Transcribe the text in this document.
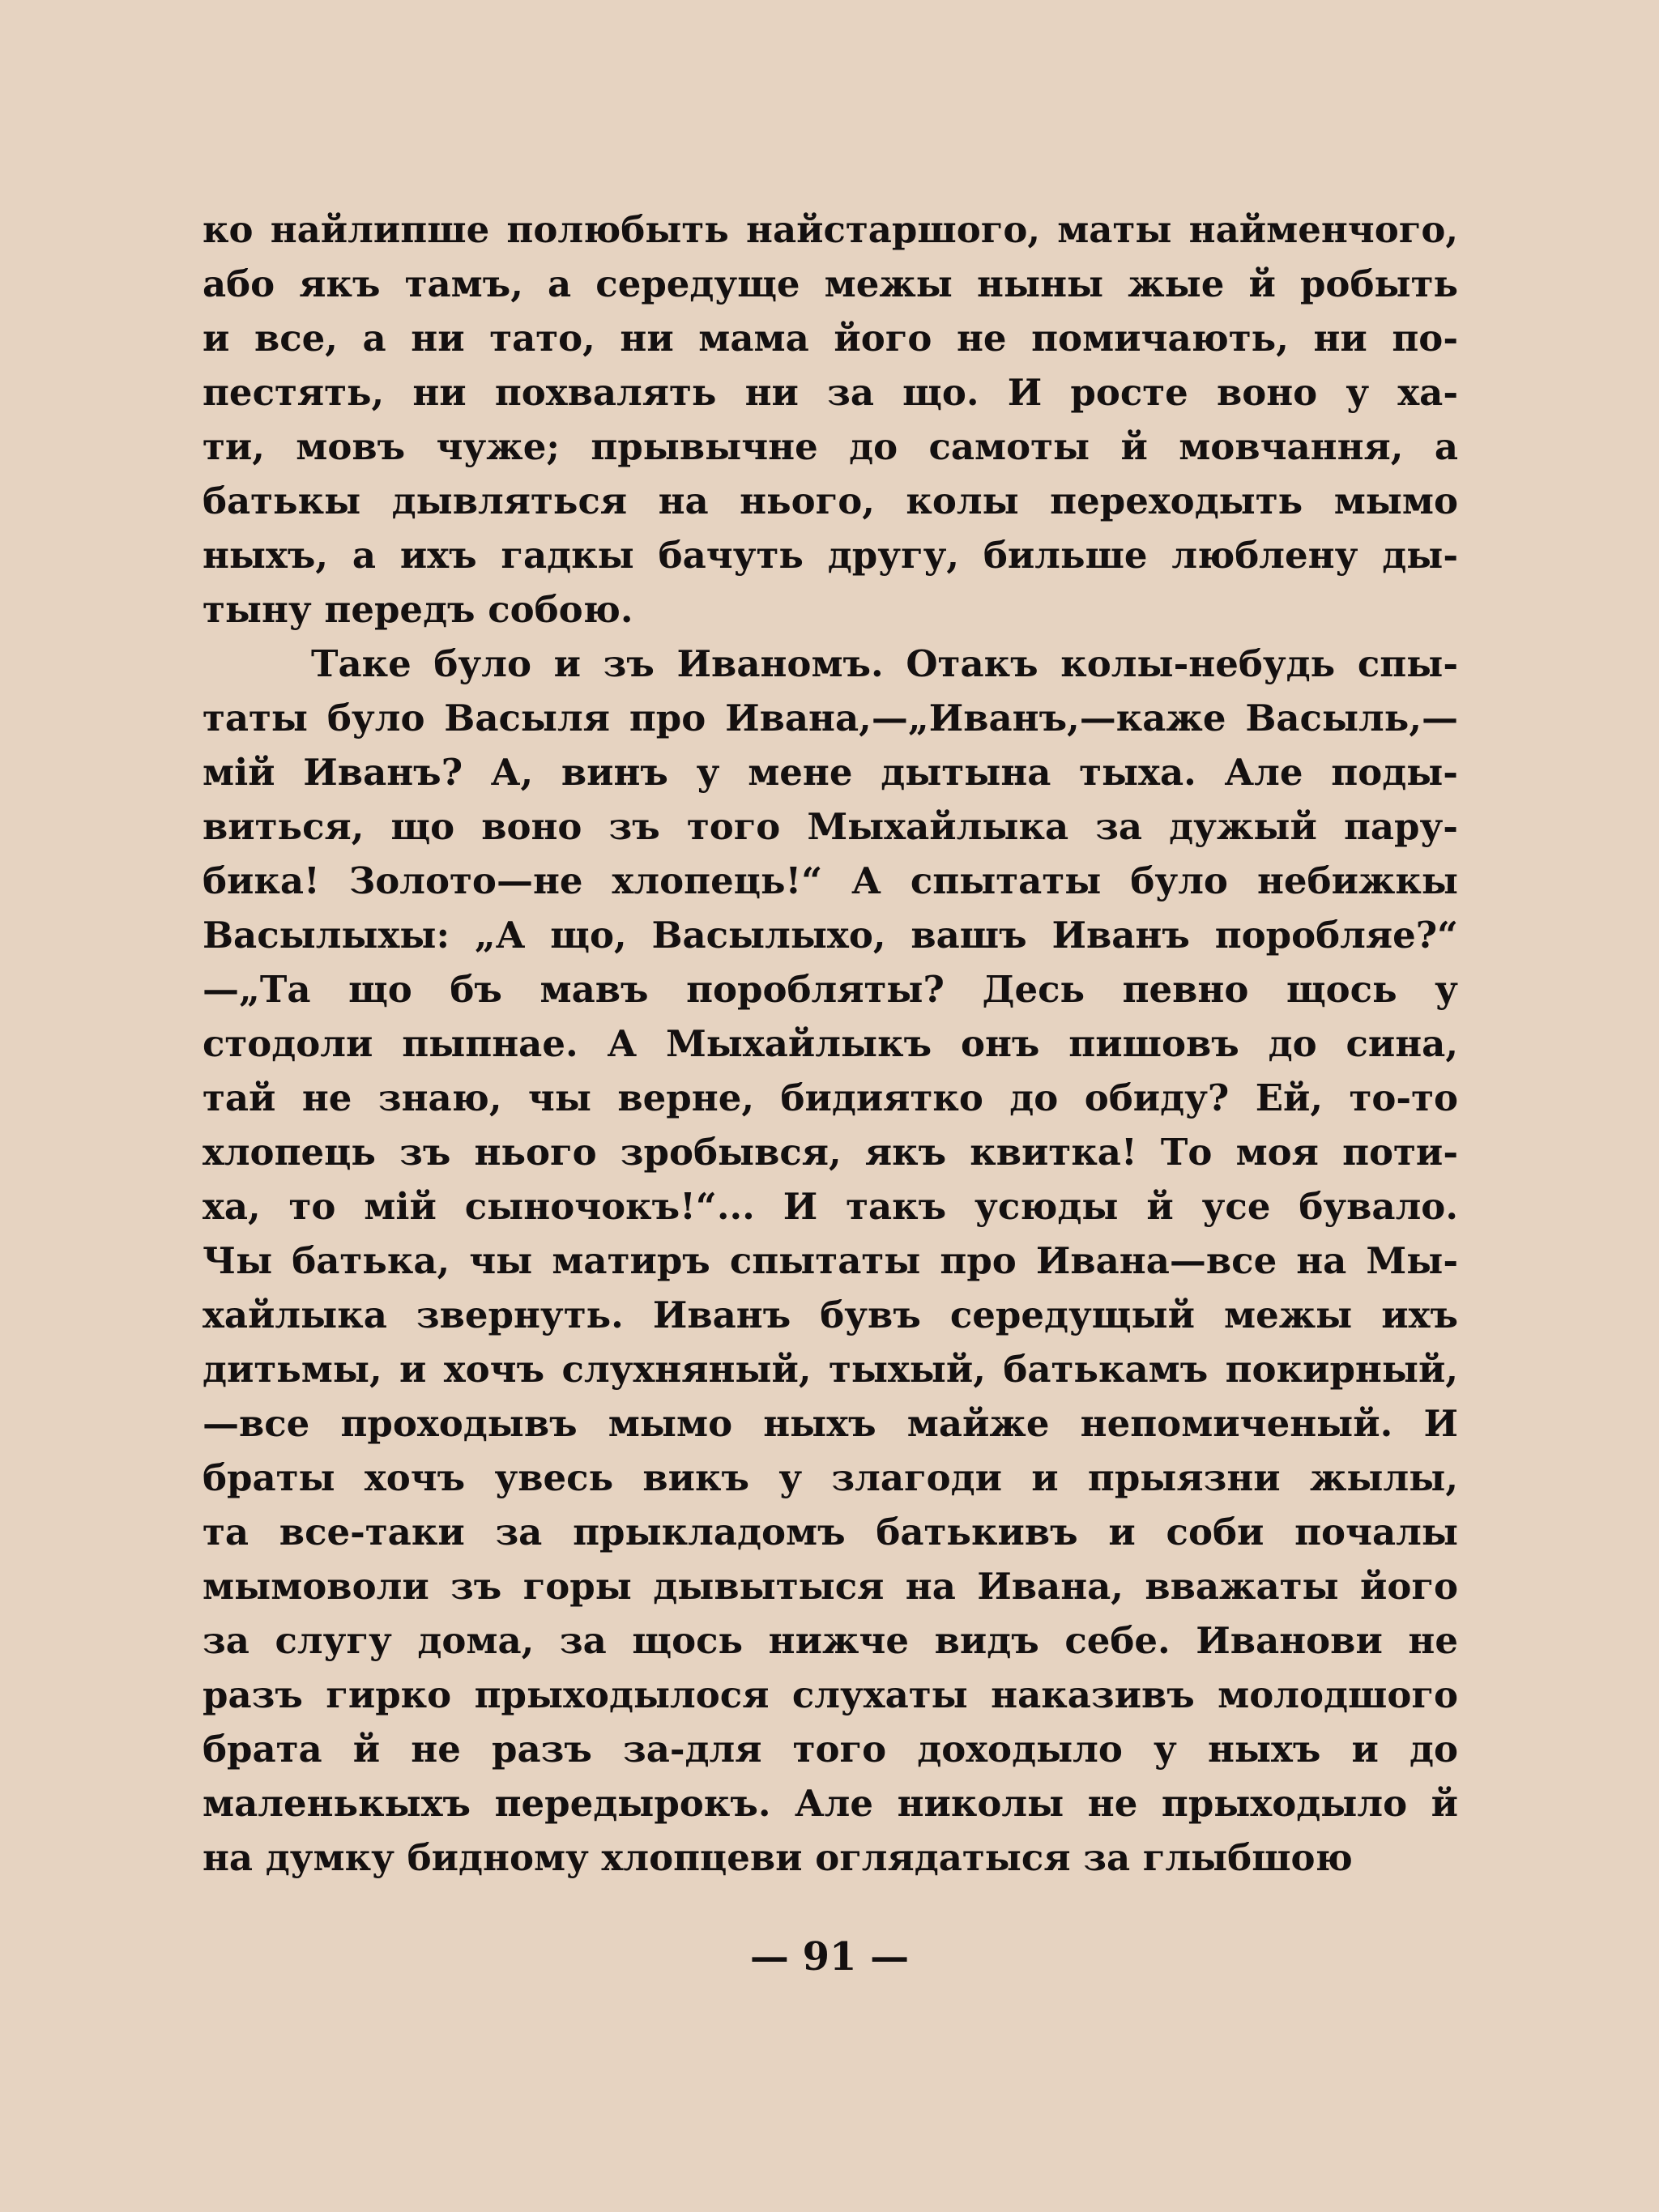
ко найлипше полюбыть найстаршого, маты найменчого,
або якъ тамъ, а середуще межы ныны жые й робыть
и все, а ни тато, ни мама його не помичають, ни по-
пестять, ни похвалять ни за що. И росте воно у ха-
ти, мовъ чуже; прывычне до самоты й мовчання, а
батькы дывляться на нього, колы переходыть мымо
ныхъ, а ихъ гадкы бачуть другу, бильше люблену ды-
тыну передъ собою.
Таке було и зъ Иваномъ. Отакъ колы-небудь спы-
таты було Васыля про Ивана,—„Иванъ,—каже Васыль,—
мій Иванъ? А, винъ у мене дытына тыха. Але поды-
виться, що воно зъ того Мыхайлыка за дужый пару-
бика! Золото—не хлопець!“ А спытаты було небижкы
Васылыхы: „А що, Васылыхо, вашъ Иванъ поробляе?“
—„Та що бъ мавъ поробляты? Десь певно щось у
стодоли пыпнае. А Мыхайлыкъ онъ пишовъ до сина,
тай не знаю, чы верне, бидиятко до обиду? Ей, то-то
хлопець зъ нього зробывся, якъ квитка! То моя поти-
ха, то мій сыночокъ!“... И такъ усюды й усе бувало.
Чы батька, чы матиръ спытаты про Ивана—все на Мы-
хайлыка звернуть. Иванъ бувъ середущый межы ихъ
дитьмы, и хочъ слухняный, тыхый, батькамъ покирный,
—все проходывъ мымо ныхъ майже непомиченый. И
браты хочъ увесь викъ у злагоди и прыязни жылы,
та все-таки за прыкладомъ батькивъ и соби почалы
мымоволи зъ горы дывытыся на Ивана, вважаты його
за слугу дома, за щось нижче видъ себе. Иванови не
разъ гирко прыходылося слухаты наказивъ молодшого
брата й не разъ за-для того доходыло у ныхъ и до
маленькыхъ передырокъ. Але николы не прыходыло й
на думку бидному хлопцеви оглядатыся за глыбшою
— 91 —
